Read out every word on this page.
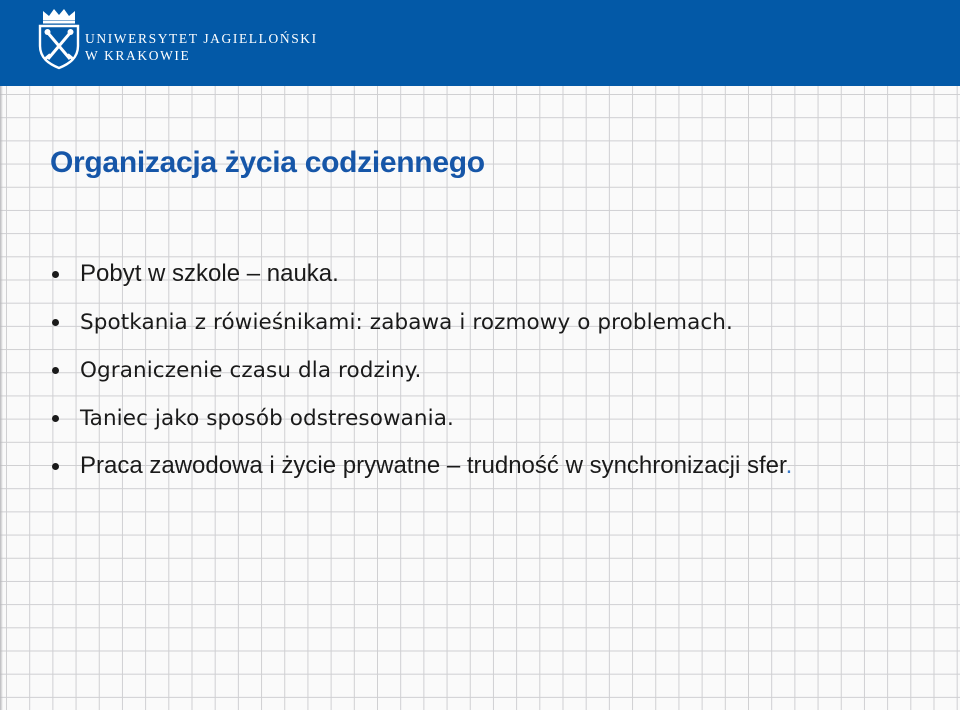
UNIWERSYTET JAGIELLOŃSKI
W KRAKOWIE
Organizacja życia codziennego
Pobyt w szkole – nauka.
Spotkania z rówieśnikami: zabawa i rozmowy o problemach.
Ograniczenie czasu dla rodziny.
Taniec jako sposób odstresowania.
Praca zawodowa i życie prywatne – trudność w synchronizacji sfer.
